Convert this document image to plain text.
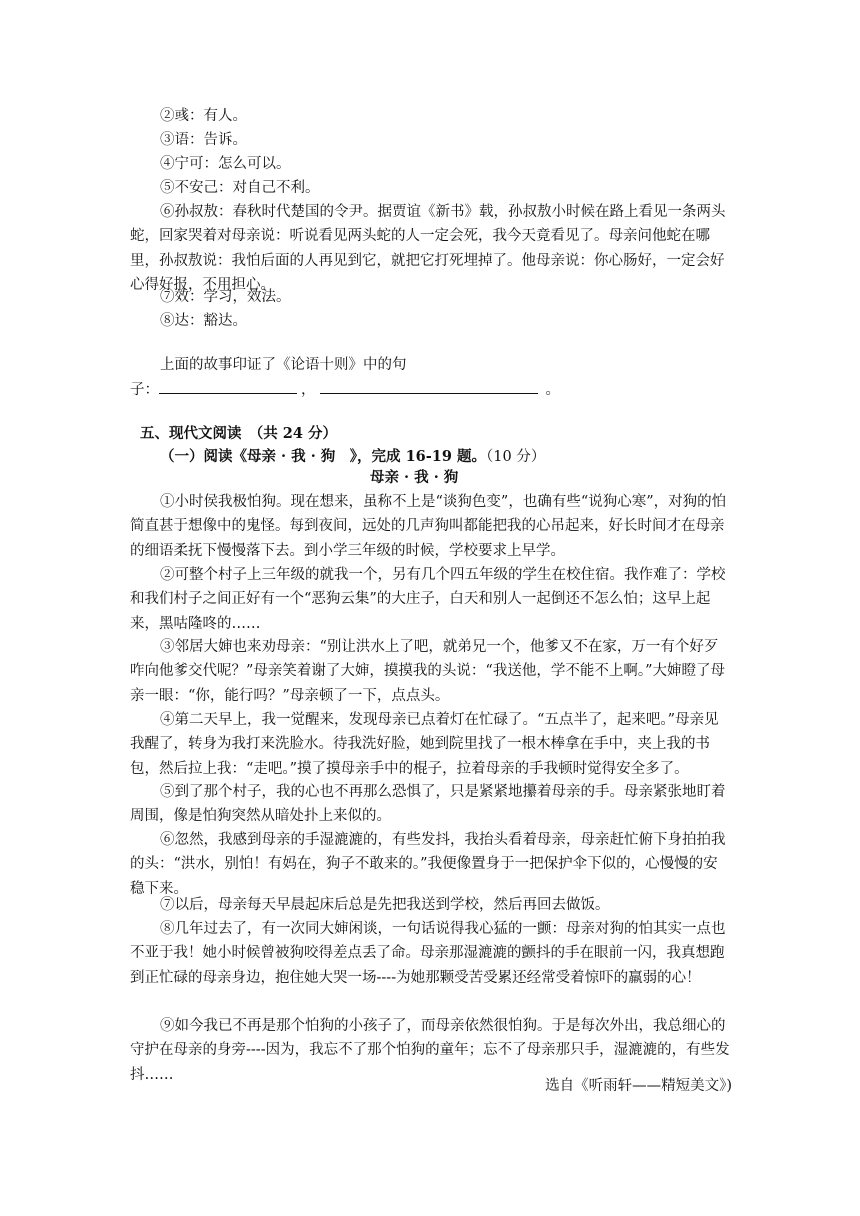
②彧：有人。
③语：告诉。
④宁可：怎么可以。
⑤不安己：对自己不利。
⑥孙叔敖：春秋时代楚国的令尹。据贾谊《新书》载，孙叔敖小时候在路上看见一条两头蛇，回家哭着对母亲说：听说看见两头蛇的人一定会死，我今天竟看见了。母亲问他蛇在哪里，孙叔敖说：我怕后面的人再见到它，就把它打死埋掉了。他母亲说：你心肠好，一定会好心得好报，不用担心。
⑦效：学习，效法。
⑧达：豁达。
上面的故事印证了《论语十则》中的句
子：	，	。
五、现代文阅读　（共 24 分）
（一）阅读《母亲 · 我 · 狗　》，完成 16-19 题。（10 分）
母亲 · 我 · 狗
①小时侯我极怕狗。现在想来，虽称不上是“谈狗色变”，也确有些“说狗心寒”，对狗的怕简直甚于想像中的鬼怪。每到夜间，远处的几声狗叫都能把我的心吊起来，好长时间才在母亲的细语柔抚下慢慢落下去。到小学三年级的时候，学校要求上早学。
②可整个村子上三年级的就我一个，另有几个四五年级的学生在校住宿。我作难了：学校和我们村子之间正好有一个“恶狗云集”的大庄子，白天和别人一起倒还不怎么怕；这早上起来，黑咕隆咚的……
③邻居大婶也来劝母亲：“别让洪水上了吧，就弟兄一个，他爹又不在家，万一有个好歹咋向他爹交代呢？”母亲笑着谢了大婶，摸摸我的头说：“我送他，学不能不上啊。”大婶瞪了母亲一眼：“你，能行吗？”母亲顿了一下，点点头。
④第二天早上，我一觉醒来，发现母亲已点着灯在忙碌了。“五点半了，起来吧。”母亲见我醒了，转身为我打来洗脸水。待我洗好脸，她到院里找了一根木棒拿在手中，夹上我的书包，然后拉上我：“走吧。”摸了摸母亲手中的棍子，拉着母亲的手我顿时觉得安全多了。
⑤到了那个村子，我的心也不再那么恐惧了，只是紧紧地攥着母亲的手。母亲紧张地盯着周围，像是怕狗突然从暗处扑上来似的。
⑥忽然，我感到母亲的手湿漉漉的，有些发抖，我抬头看着母亲，母亲赶忙俯下身拍拍我的头：“洪水，别怕！有妈在，狗子不敢来的。”我便像置身于一把保护伞下似的，心慢慢的安稳下来。
⑦以后，母亲每天早晨起床后总是先把我送到学校，然后再回去做饭。
⑧几年过去了，有一次同大婶闲谈，一句话说得我心猛的一颤：母亲对狗的怕其实一点也不亚于我！她小时候曾被狗咬得差点丢了命。母亲那湿漉漉的颤抖的手在眼前一闪，我真想跑到正忙碌的母亲身边，抱住她大哭一场----为她那颗受苦受累还经常受着惊吓的羸弱的心！
⑨如今我已不再是那个怕狗的小孩子了，而母亲依然很怕狗。于是每次外出，我总细心的守护在母亲的身旁----因为，我忘不了那个怕狗的童年；忘不了母亲那只手，湿漉漉的，有些发抖……
选自《听雨轩——精短美文》)
